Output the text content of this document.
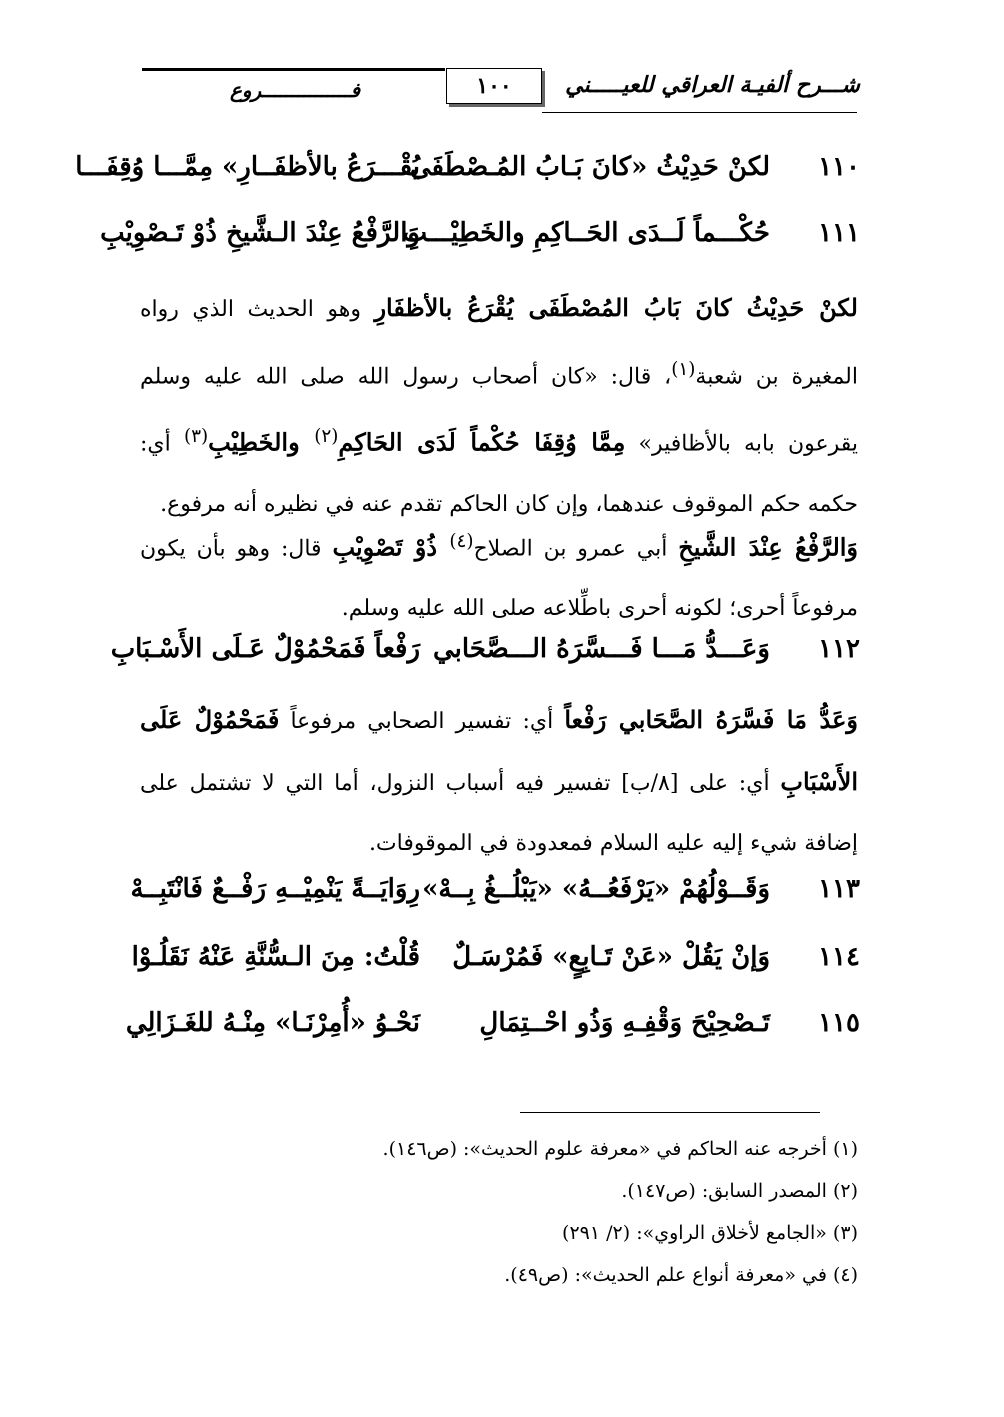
شـــرح ألفيـة العراقي للعيـــــني
١٠٠
فـــــــــــــــروع
١١٠
لكنْ حَدِيْثُ «كانَ بَـابُ المُـصْطَفَى
يُقْـــرَعُ بالأظفَــارِ» مِمَّـــا وُقِفَـــا
١١١
حُكْـــماً لَــدَى الحَــاكِمِ والخَطِيْـــبِ
وَالرَّفْعُ عِنْدَ الـشَّيخِ ذُوْ تَـصْوِيْبِ
لكنْ حَدِيْثُ كانَ بَابُ المُصْطَفَى يُقْرَعُ بالأظفَارِ وهو الحديث الذي رواه المغيرة بن شعبة$^{(١)}$، قال: «كان أصحاب رسول الله صلى الله عليه وسلم يقرعون بابه بالأظافير» مِمَّا وُقِفَا حُكْماً لَدَى الحَاكِمِ$^{(٢)}$ والخَطِيْبِ$^{(٣)}$ أي: حكمه حكم الموقوف عندهما، وإن كان الحاكم تقدم عنه في نظيره أنه مرفوع.
وَالرَّفْعُ عِنْدَ الشَّيخِ أبي عمرو بن الصلاح$^{(٤)}$ ذُوْ تَصْوِيْبِ قال: وهو بأن يكون مرفوعاً أحرى؛ لكونه أحرى باطِّلاعه صلى الله عليه وسلم.
١١٢
وَعَـــدُّ مَـــا فَـــسَّرَهُ الـــصَّحَابي
رَفْعاً فَمَحْمُوْلٌ عَـلَى الأَسْـبَابِ
وَعَدُّ مَا فَسَّرَهُ الصَّحَابي رَفْعاً أي: تفسير الصحابي مرفوعاً فَمَحْمُوْلٌ عَلَى الأَسْبَابِ أي: على [٨/ب] تفسير فيه أسباب النزول، أما التي لا تشتمل على إضافة شيء إليه عليه السلام فمعدودة في الموقوفات.
١١٣
وَقَــوْلُهُمْ «يَرْفَعُــهُ» «يَبْلُــغُ بِــهْ»
رِوَايَــةً يَنْمِيْــهِ رَفْــعٌ فَانْتَبِــهْ
١١٤
وَإنْ يَقُلْ «عَنْ تَـابِعٍ» فَمُرْسَـلٌ
قُلْتُ: مِنَ الـسُّنَّةِ عَنْهُ نَقَلُـوْا
١١٥
تَـصْحِيْحَ وَقْفِـهِ وَذُو احْــتِمَالِ
نَحْـوُ «أُمِرْنَـا» مِنْـهُ للغَـزَالِي
(١) أخرجه عنه الحاكم في «معرفة علوم الحديث»: (ص١٤٦).
(٢) المصدر السابق: (ص١٤٧).
(٣) «الجامع لأخلاق الراوي»: (٢/ ٢٩١)
(٤) في «معرفة أنواع علم الحديث»: (ص٤٩).
